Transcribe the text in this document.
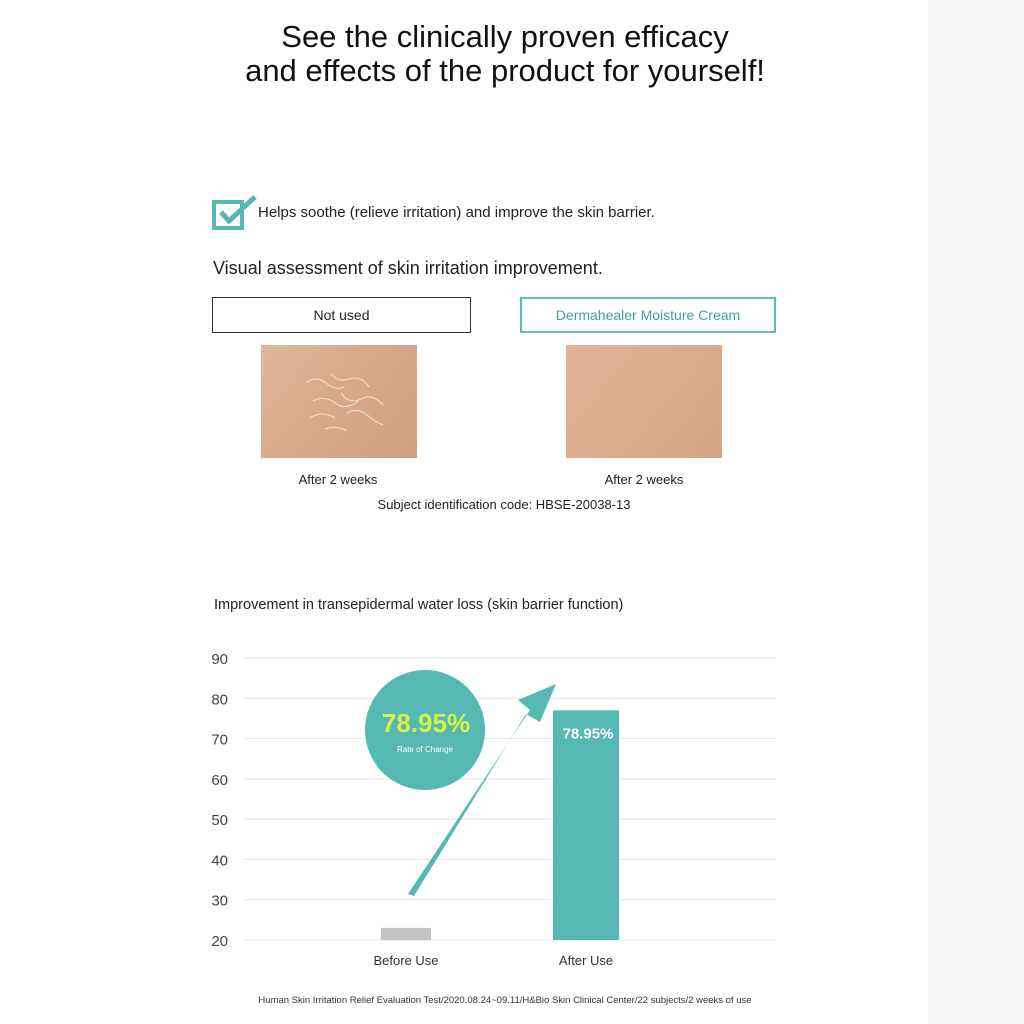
See the clinically proven efficacy
and effects of the product for yourself!
Helps soothe (relieve irritation) and improve the skin barrier.
Visual assessment of skin irritation improvement.
Not used	Dermahealer Moisture Cream
After 2 weeks	After 2 weeks
Subject identification code: HBSE-20038-13
Improvement in transepidermal water loss (skin barrier function)
20
30
40
50
60
70
80
90
Before Use	After Use
78.95%
78.95%
Rate of Change
Human Skin Irritation Relief Evaluation Test/2020.08.24~09.11/H&Bio Skin Clinical Center/22 subjects/2 weeks of use
